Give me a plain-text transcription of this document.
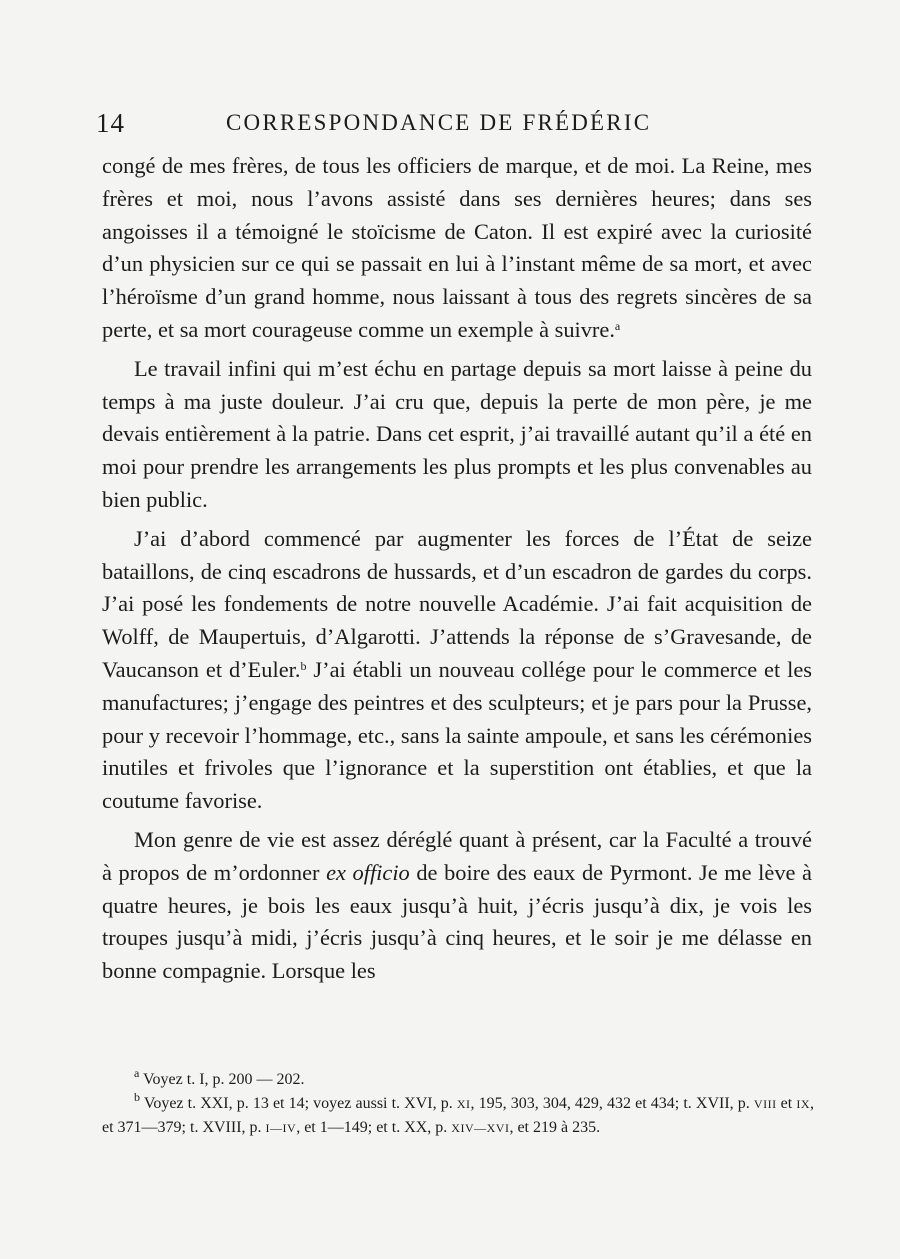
14	CORRESPONDANCE DE FRÉDÉRIC

congé de mes frères, de tous les officiers de marque, et de moi. La Reine, mes frères et moi, nous l’avons assisté dans ses dernières heures; dans ses angoisses il a témoigné le stoïcisme de Caton. Il est expiré avec la curiosité d’un physicien sur ce qui se passait en lui à l’instant même de sa mort, et avec l’héroïsme d’un grand homme, nous laissant à tous des regrets sincères de sa perte, et sa mort courageuse comme un exemple à suivre.$^a$

Le travail infini qui m’est échu en partage depuis sa mort laisse à peine du temps à ma juste douleur. J’ai cru que, depuis la perte de mon père, je me devais entièrement à la patrie. Dans cet esprit, j’ai travaillé autant qu’il a été en moi pour prendre les arrangements les plus prompts et les plus convenables au bien public.

J’ai d’abord commencé par augmenter les forces de l’État de seize bataillons, de cinq escadrons de hussards, et d’un escadron de gardes du corps. J’ai posé les fondements de notre nouvelle Académie. J’ai fait acquisition de Wolff, de Maupertuis, d’Algarotti. J’attends la réponse de s’Gravesande, de Vaucanson et d’Euler.$^b$ J’ai établi un nouveau collége pour le commerce et les manufactures; j’engage des peintres et des sculpteurs; et je pars pour la Prusse, pour y recevoir l’hommage, etc., sans la sainte ampoule, et sans les cérémonies inutiles et frivoles que l’ignorance et la superstition ont établies, et que la coutume favorise.

Mon genre de vie est assez déréglé quant à présent, car la Faculté a trouvé à propos de m’ordonner ex officio de boire des eaux de Pyrmont. Je me lève à quatre heures, je bois les eaux jusqu’à huit, j’écris jusqu’à dix, je vois les troupes jusqu’à midi, j’écris jusqu’à cinq heures, et le soir je me délasse en bonne compagnie. Lorsque les

$^a$ Voyez t. I, p. 200 — 202.

$^b$ Voyez t. XXI, p. 13 et 14; voyez aussi t. XVI, p. XI, 195, 303, 304, 429, 432 et 434; t. XVII, p. VIII et IX, et 371—379; t. XVIII, p. I—IV, et 1—149; et t. XX, p. XIV—XVI, et 219 à 235.
